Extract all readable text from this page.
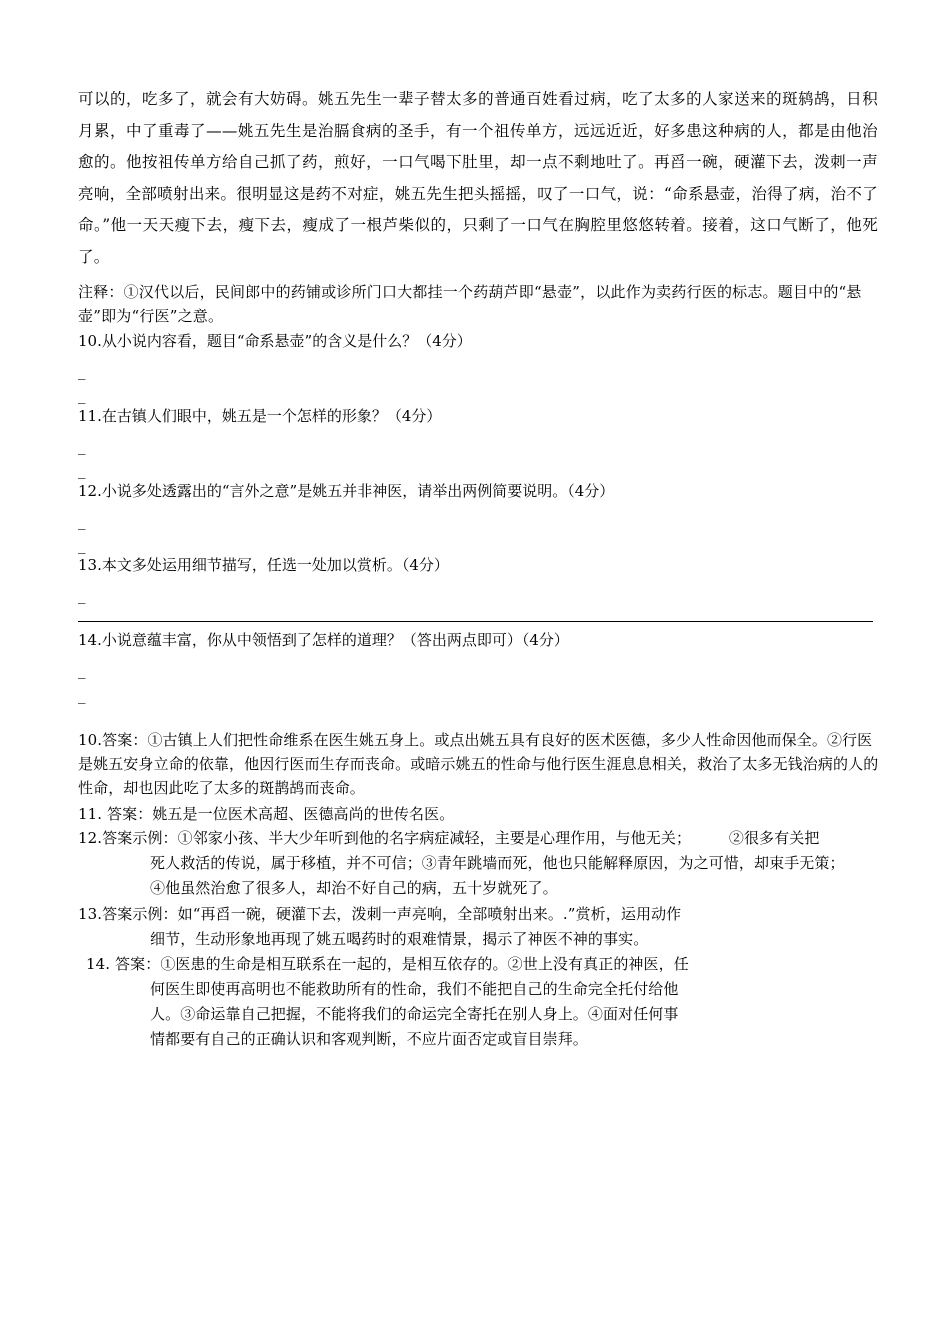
可以的，吃多了，就会有大妨碍。姚五先生一辈子替太多的普通百姓看过病，吃了太多的人家送来的斑鸫鸪，日积月累，中了重毒了——姚五先生是治膈食病的圣手，有一个祖传单方，远远近近，好多患这种病的人，都是由他治愈的。他按祖传单方给自己抓了药，煎好，一口气喝下肚里，却一点不剩地吐了。再舀一碗，硬灌下去，泼刺一声亮响，全部喷射出来。很明显这是药不对症，姚五先生把头摇摇，叹了一口气，说：“命系悬壶，治得了病，治不了命。”他一天天瘦下去，瘦下去，瘦成了一根芦柴似的，只剩了一口气在胸腔里悠悠转着。接着，这口气断了，他死了。
注释：①汉代以后，民间郎中的药铺或诊所门口大都挂一个药葫芦即“悬壶”，以此作为卖药行医的标志。题目中的“悬壶”即为“行医”之意。
10.从小说内容看，题目“命系悬壶”的含义是什么？（4分）
_
_
11.在古镇人们眼中，姚五是一个怎样的形象？（4分）
_
_
12.小说多处透露出的“言外之意”是姚五并非神医，请举出两例简要说明。（4分）
_
_
13.本文多处运用细节描写，任选一处加以赏析。（4分）
_
14.小说意蕴丰富，你从中领悟到了怎样的道理？（答出两点即可）（4分）
_
_
10.答案：①古镇上人们把性命维系在医生姚五身上。或点出姚五具有良好的医术医德，多少人性命因他而保全。②行医是姚五安身立命的依靠，他因行医而生存而丧命。或暗示姚五的性命与他行医生涯息息相关，救治了太多无钱治病的人的性命，却也因此吃了太多的斑鹊鸪而丧命。
11. 答案：姚五是一位医术高超、医德高尚的世传名医。
12.答案示例：①邻家小孩、半大少年听到他的名字病症减轻，主要是心理作用，与他无关；　　　②很多有关把
死人救活的传说，属于移植，并不可信；③青年跳墙而死，他也只能解释原因，为之可惜，却束手无策；
④他虽然治愈了很多人，却治不好自己的病，五十岁就死了。
13.答案示例：如“再舀一碗，硬灌下去，泼刺一声亮响，全部喷射出来。.”赏析，运用动作
细节，生动形象地再现了姚五喝药时的艰难情景，揭示了神医不神的事实。
14. 答案：①医患的生命是相互联系在一起的，是相互依存的。②世上没有真正的神医，任
何医生即使再高明也不能救助所有的性命，我们不能把自己的生命完全托付给他
人。③命运靠自己把握，不能将我们的命运完全寄托在别人身上。④面对任何事
情都要有自己的正确认识和客观判断，不应片面否定或盲目崇拜。
